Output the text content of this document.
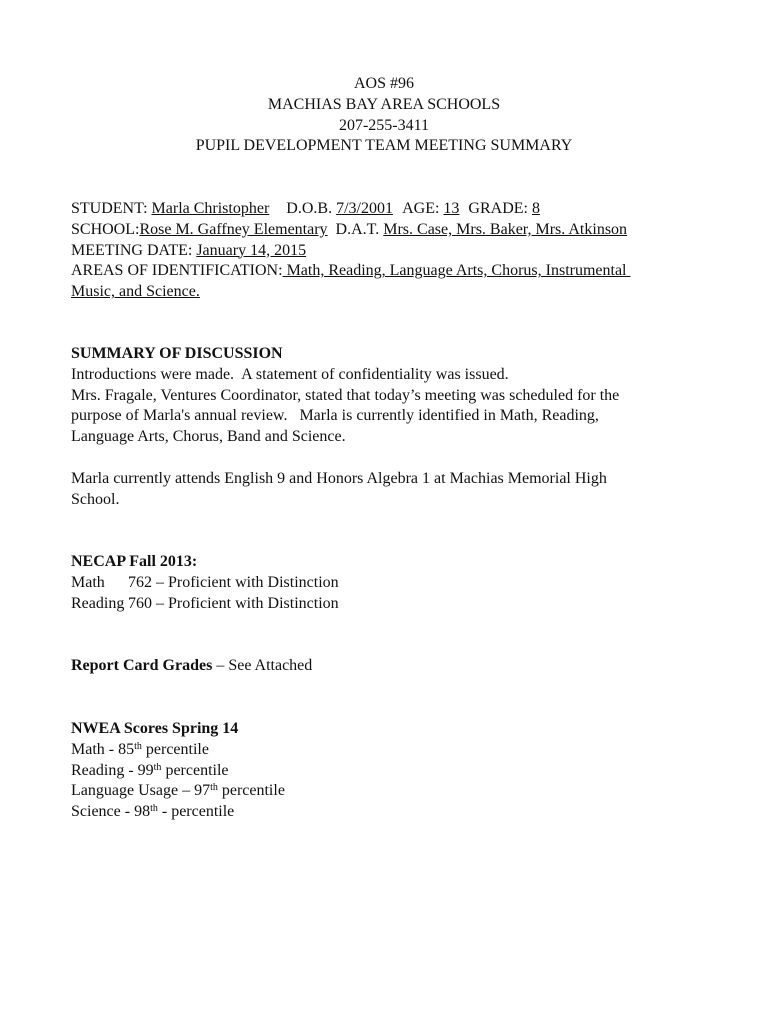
AOS #96
MACHIAS BAY AREA SCHOOLS
207-255-3411
PUPIL DEVELOPMENT TEAM MEETING SUMMARY
STUDENT: Marla Christopher D.O.B. 7/3/2001 AGE: 13 GRADE: 8
SCHOOL:Rose M. Gaffney Elementary D.A.T. Mrs. Case, Mrs. Baker, Mrs. Atkinson
MEETING DATE: January 14, 2015
AREAS OF IDENTIFICATION: Math, Reading, Language Arts, Chorus, Instrumental
Music, and Science.
SUMMARY OF DISCUSSION
Introductions were made.  A statement of confidentiality was issued.
Mrs. Fragale, Ventures Coordinator, stated that today’s meeting was scheduled for the
purpose of Marla's annual review.   Marla is currently identified in Math, Reading,
Language Arts, Chorus, Band and Science.
Marla currently attends English 9 and Honors Algebra 1 at Machias Memorial High
School.
NECAP Fall 2013:
Math 762 – Proficient with Distinction
Reading 760 – Proficient with Distinction
Report Card Grades – See Attached
NWEA Scores Spring 14
Math - 85th percentile
Reading - 99th percentile
Language Usage – 97th percentile
Science - 98th - percentile
